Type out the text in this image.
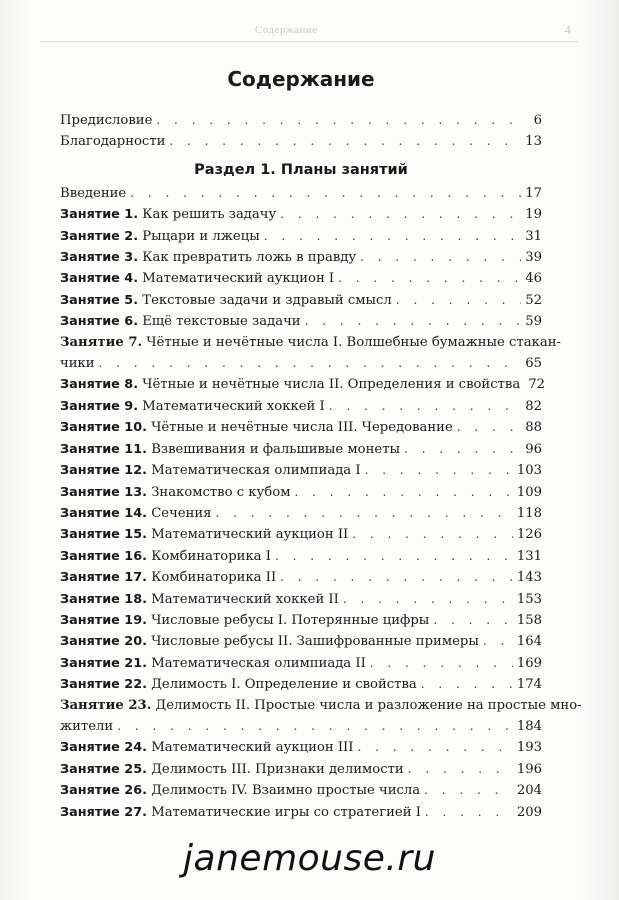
Содержание	4
Содержание
Предисловие . . .	6
Благодарности . . .	13
Раздел 1. Планы занятий
Введение . . .	17
Занятие 1. Как решить задачу . . .	19
Занятие 2. Рыцари и лжецы . . .	31
Занятие 3. Как превратить ложь в правду . . .	39
Занятие 4. Математический аукцион I . . .	46
Занятие 5. Текстовые задачи и здравый смысл . . .	52
Занятие 6. Ещё текстовые задачи . . .	59
Занятие 7. Чётные и нечётные числа I. Волшебные бумажные стакан-
чики . . .	65
Занятие 8. Чётные и нечётные числа II. Определения и свойства 72
Занятие 9. Математический хоккей I . . .	82
Занятие 10. Чётные и нечётные числа III. Чередование . . .	88
Занятие 11. Взвешивания и фальшивые монеты . . .	96
Занятие 12. Математическая олимпиада I . . .	103
Занятие 13. Знакомство с кубом . . .	109
Занятие 14. Сечения . . .	118
Занятие 15. Математический аукцион II . . .	126
Занятие 16. Комбинаторика I . . .	131
Занятие 17. Комбинаторика II . . .	143
Занятие 18. Математический хоккей II . . .	153
Занятие 19. Числовые ребусы I. Потерянные цифры . . .	158
Занятие 20. Числовые ребусы II. Зашифрованные примеры . . .	164
Занятие 21. Математическая олимпиада II . . .	169
Занятие 22. Делимость I. Определение и свойства . . .	174
Занятие 23. Делимость II. Простые числа и разложение на простые мно-
жители . . .	184
Занятие 24. Математический аукцион III . . .	193
Занятие 25. Делимость III. Признаки делимости . . .	196
Занятие 26. Делимость IV. Взаимно простые числа . . .	204
Занятие 27. Математические игры со стратегией I . . .	209
janemouse.ru
